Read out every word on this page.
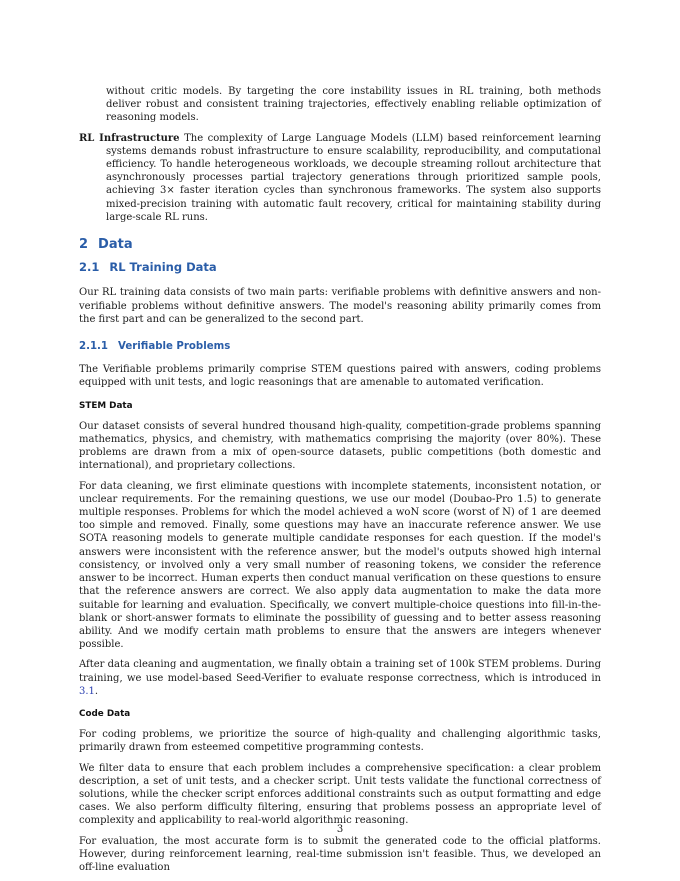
without critic models. By targeting the core instability issues in RL training, both methods deliver robust and consistent training trajectories, effectively enabling reliable optimization of reasoning models.

RL Infrastructure The complexity of Large Language Models (LLM) based reinforcement learning systems demands robust infrastructure to ensure scalability, reproducibility, and computational efficiency. To handle heterogeneous workloads, we decouple streaming rollout architecture that asynchronously processes partial trajectory generations through prioritized sample pools, achieving 3× faster iteration cycles than synchronous frameworks. The system also supports mixed-precision training with automatic fault recovery, critical for maintaining stability during large-scale RL runs.

2 Data
2.1 RL Training Data

Our RL training data consists of two main parts: verifiable problems with definitive answers and non-verifiable problems without definitive answers. The model's reasoning ability primarily comes from the first part and can be generalized to the second part.

2.1.1 Verifiable Problems

The Verifiable problems primarily comprise STEM questions paired with answers, coding problems equipped with unit tests, and logic reasonings that are amenable to automated verification.

STEM Data

Our dataset consists of several hundred thousand high-quality, competition-grade problems spanning mathematics, physics, and chemistry, with mathematics comprising the majority (over 80%). These problems are drawn from a mix of open-source datasets, public competitions (both domestic and international), and proprietary collections.

For data cleaning, we first eliminate questions with incomplete statements, inconsistent notation, or unclear requirements. For the remaining questions, we use our model (Doubao-Pro 1.5) to generate multiple responses. Problems for which the model achieved a woN score (worst of N) of 1 are deemed too simple and removed. Finally, some questions may have an inaccurate reference answer. We use SOTA reasoning models to generate multiple candidate responses for each question. If the model's answers were inconsistent with the reference answer, but the model's outputs showed high internal consistency, or involved only a very small number of reasoning tokens, we consider the reference answer to be incorrect. Human experts then conduct manual verification on these questions to ensure that the reference answers are correct. We also apply data augmentation to make the data more suitable for learning and evaluation. Specifically, we convert multiple-choice questions into fill-in-the-blank or short-answer formats to eliminate the possibility of guessing and to better assess reasoning ability. And we modify certain math problems to ensure that the answers are integers whenever possible.

After data cleaning and augmentation, we finally obtain a training set of 100k STEM problems. During training, we use model-based Seed-Verifier to evaluate response correctness, which is introduced in 3.1.

Code Data

For coding problems, we prioritize the source of high-quality and challenging algorithmic tasks, primarily drawn from esteemed competitive programming contests.

We filter data to ensure that each problem includes a comprehensive specification: a clear problem description, a set of unit tests, and a checker script. Unit tests validate the functional correctness of solutions, while the checker script enforces additional constraints such as output formatting and edge cases. We also perform difficulty filtering, ensuring that problems possess an appropriate level of complexity and applicability to real-world algorithmic reasoning.

For evaluation, the most accurate form is to submit the generated code to the official platforms. However, during reinforcement learning, real-time submission isn't feasible. Thus, we developed an off-line evaluation

3
